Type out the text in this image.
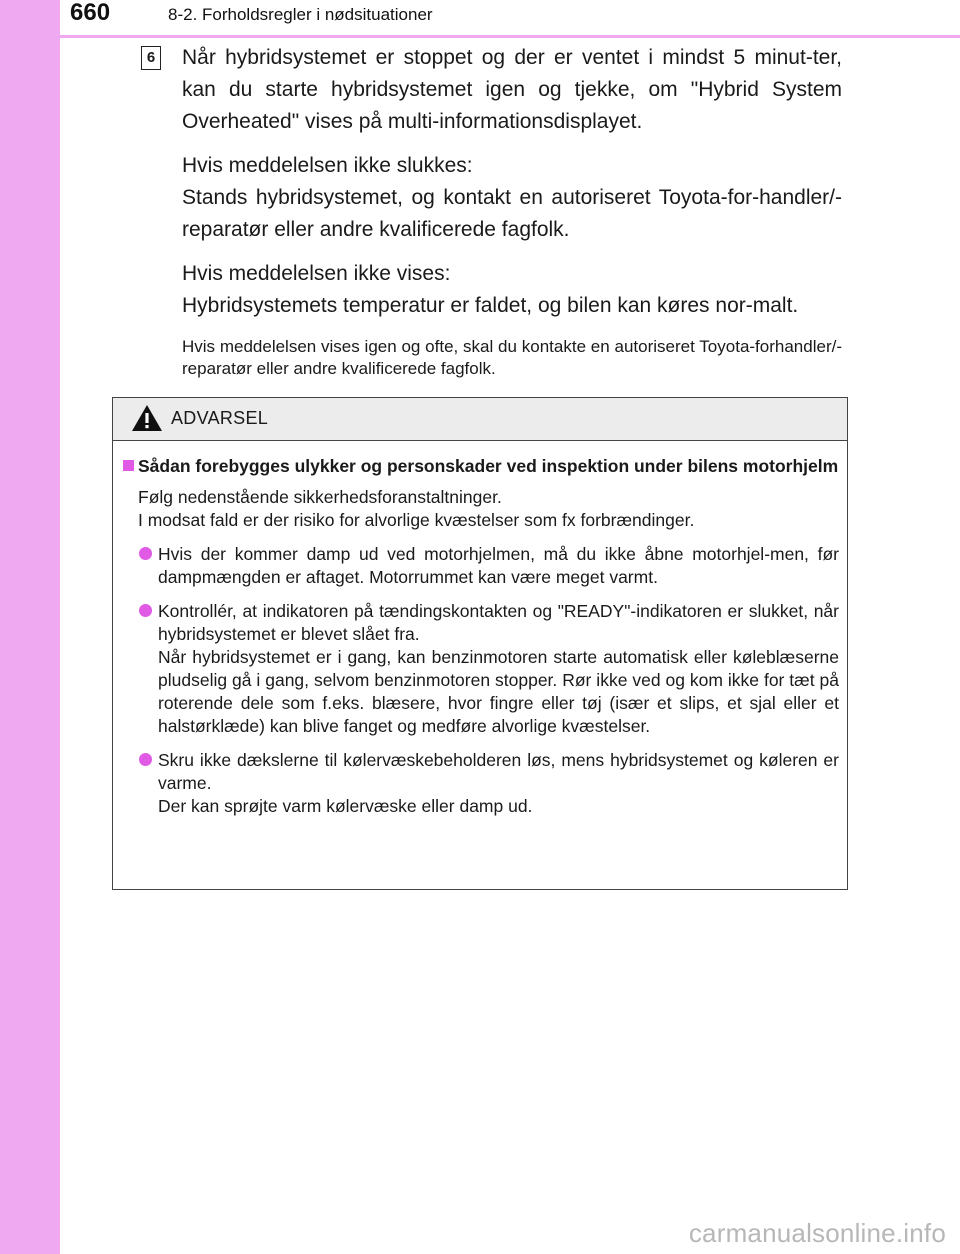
660	8-2. Forholdsregler i nødsituationer
6 Når hybridsystemet er stoppet og der er ventet i mindst 5 minut-ter, kan du starte hybridsystemet igen og tjekke, om "Hybrid System Overheated" vises på multi-informationsdisplayet.

Hvis meddelelsen ikke slukkes:

Stands hybridsystemet, og kontakt en autoriseret Toyota-for-handler/-reparatør eller andre kvalificerede fagfolk.

Hvis meddelelsen ikke vises:

Hybridsystemets temperatur er faldet, og bilen kan køres nor-malt.

Hvis meddelelsen vises igen og ofte, skal du kontakte en autoriseret Toyota-forhandler/-reparatør eller andre kvalificerede fagfolk.

ADVARSEL
Sådan forebygges ulykker og personskader ved inspektion under bilens motorhjelm
Følg nedenstående sikkerhedsforanstaltninger.
I modsat fald er der risiko for alvorlige kvæstelser som fx forbrændinger.
Hvis der kommer damp ud ved motorhjelmen, må du ikke åbne motorhjel-men, før dampmængden er aftaget. Motorrummet kan være meget varmt.
Kontrollér, at indikatoren på tændingskontakten og "READY"-indikatoren er slukket, når hybridsystemet er blevet slået fra.
Når hybridsystemet er i gang, kan benzinmotoren starte automatisk eller køleblæserne pludselig gå i gang, selvom benzinmotoren stopper. Rør ikke ved og kom ikke for tæt på roterende dele som f.eks. blæsere, hvor fingre eller tøj (især et slips, et sjal eller et halstørklæde) kan blive fanget og medføre alvorlige kvæstelser.
Skru ikke dækslerne til kølervæskebeholderen løs, mens hybridsystemet og køleren er varme.
Der kan sprøjte varm kølervæske eller damp ud.
carmanualsonline.info
